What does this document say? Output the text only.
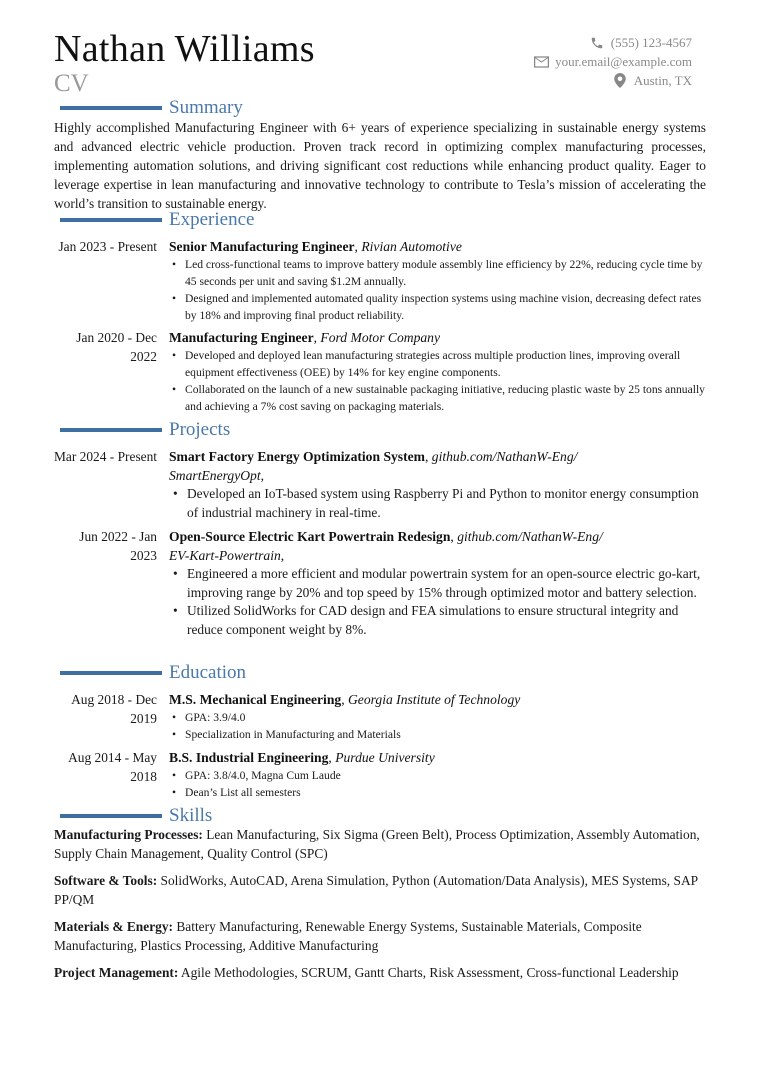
Nathan Williams
CV
(555) 123-4567
your.email@example.com
Austin, TX
Summary
Highly accomplished Manufacturing Engineer with 6+ years of experience specializing in sustainable energy systems and advanced electric vehicle production. Proven track record in optimizing complex manufacturing processes, implementing automation solutions, and driving significant cost reductions while enhancing product quality. Eager to leverage expertise in lean manufacturing and innovative technology to contribute to Tesla’s mission of accelerating the world’s transition to sustainable energy.
Experience
Jan 2023 - Present Senior Manufacturing Engineer, Rivian Automotive
• Led cross-functional teams to improve battery module assembly line efficiency by 22%, reducing cycle time by 45 seconds per unit and saving $1.2M annually.
• Designed and implemented automated quality inspection systems using machine vision, decreasing defect rates by 18% and improving final product reliability.
Jan 2020 - Dec 2022
Manufacturing Engineer, Ford Motor Company
• Developed and deployed lean manufacturing strategies across multiple production lines, improving overall equipment effectiveness (OEE) by 14% for key engine components.
• Collaborated on the launch of a new sustainable packaging initiative, reducing plastic waste by 25 tons annually and achieving a 7% cost saving on packaging materials.
Projects
Mar 2024 - Present Smart Factory Energy Optimization System, github.com/NathanW-Eng/
SmartEnergyOpt,
• Developed an IoT-based system using Raspberry Pi and Python to monitor energy consumption of industrial machinery in real-time.
Jun 2022 - Jan 2023
Open-Source Electric Kart Powertrain Redesign, github.com/NathanW-Eng/
EV-Kart-Powertrain,
• Engineered a more efficient and modular powertrain system for an open-source electric go-kart, improving range by 20% and top speed by 15% through optimized motor and battery selection.
• Utilized SolidWorks for CAD design and FEA simulations to ensure structural integrity and reduce component weight by 8%.
Education
Aug 2018 - Dec 2019
M.S. Mechanical Engineering, Georgia Institute of Technology
• GPA: 3.9/4.0
• Specialization in Manufacturing and Materials
Aug 2014 - May 2018
B.S. Industrial Engineering, Purdue University
• GPA: 3.8/4.0, Magna Cum Laude
• Dean’s List all semesters
Skills
Manufacturing Processes: Lean Manufacturing, Six Sigma (Green Belt), Process Optimization, Assembly Automation, Supply Chain Management, Quality Control (SPC)
Software & Tools: SolidWorks, AutoCAD, Arena Simulation, Python (Automation/Data Analysis), MES Systems, SAP PP/QM
Materials & Energy: Battery Manufacturing, Renewable Energy Systems, Sustainable Materials, Composite Manufacturing, Plastics Processing, Additive Manufacturing
Project Management: Agile Methodologies, SCRUM, Gantt Charts, Risk Assessment, Cross-functional Leadership
